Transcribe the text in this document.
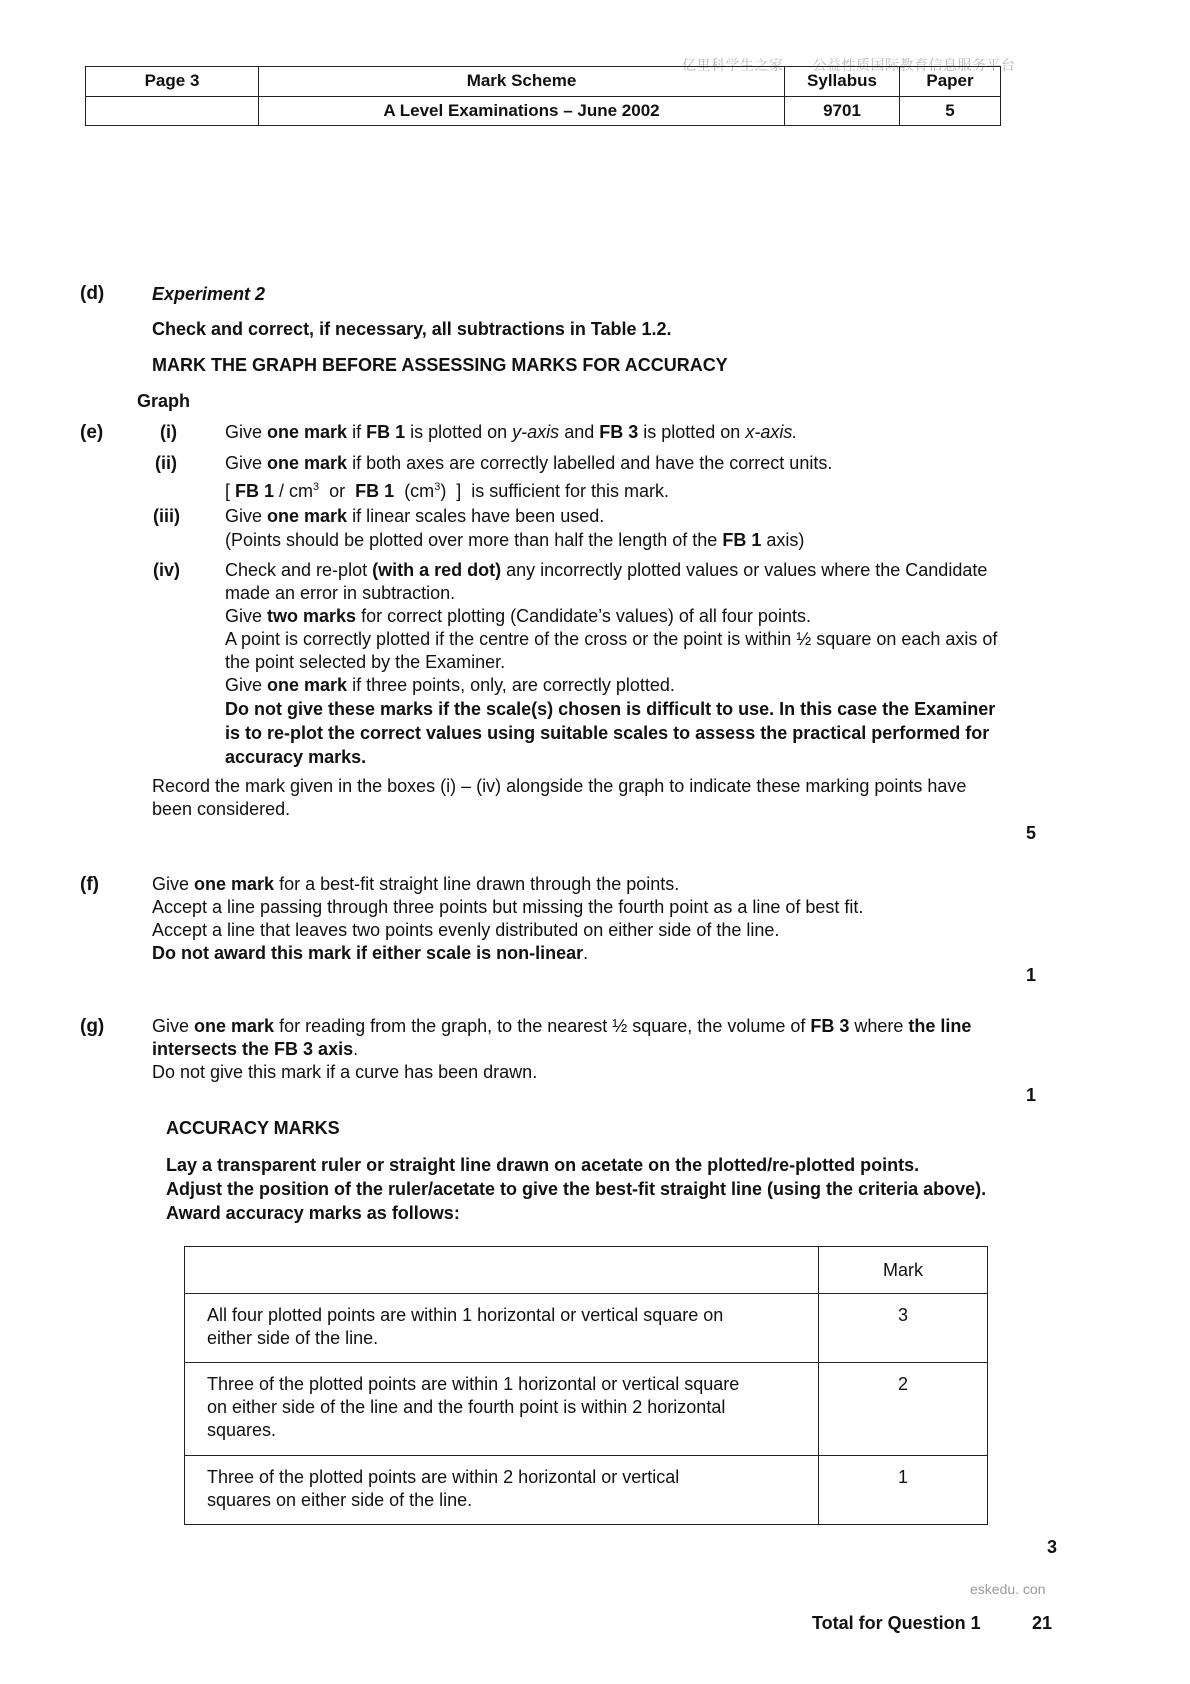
亿里科学生之家——公益性质国际教育信息服务平台
Page 3	Mark Scheme	Syllabus	Paper
	A Level Examinations – June 2002	9701	5
(d)	Experiment 2
Check and correct, if necessary, all subtractions in Table 1.2.
MARK THE GRAPH BEFORE ASSESSING MARKS FOR ACCURACY
Graph
(e)	(i)	Give one mark if FB 1 is plotted on y-axis and FB 3 is plotted on x-axis.
(ii)	Give one mark if both axes are correctly labelled and have the correct units.
[ FB $1 / cm^3$  or  FB 1  $(cm^3)$  ]  is sufficient for this mark.
(iii)	Give one mark if linear scales have been used.
(Points should be plotted over more than half the length of the FB 1 axis)
(iv)	Check and re-plot (with a red dot) any incorrectly plotted values or values where the Candidate
made an error in subtraction.
Give two marks for correct plotting (Candidate’s values) of all four points.
A point is correctly plotted if the centre of the cross or the point is within ½ square on each axis of
the point selected by the Examiner.
Give one mark if three points, only, are correctly plotted.
Do not give these marks if the scale(s) chosen is difficult to use. In this case the Examiner
is to re-plot the correct values using suitable scales to assess the practical performed for
accuracy marks.
Record the mark given in the boxes (i) – (iv) alongside the graph to indicate these marking points have
been considered.
5
(f)	Give one mark for a best-fit straight line drawn through the points.
Accept a line passing through three points but missing the fourth point as a line of best fit.
Accept a line that leaves two points evenly distributed on either side of the line.
Do not award this mark if either scale is non-linear.
1
(g)	Give one mark for reading from the graph, to the nearest ½ square, the volume of FB 3 where the line
intersects the FB 3 axis.
Do not give this mark if a curve has been drawn.
1
ACCURACY MARKS
Lay a transparent ruler or straight line drawn on acetate on the plotted/re-plotted points.
Adjust the position of the ruler/acetate to give the best-fit straight line (using the criteria above).
Award accuracy marks as follows:
	Mark

All four plotted points are within 1 horizontal or vertical square on
either side of the line.	3

Three of the plotted points are within 1 horizontal or vertical square
on either side of the line and the fourth point is within 2 horizontal
squares.	2

Three of the plotted points are within 2 horizontal or vertical
squares on either side of the line.	1
3
eskedu. con
Total for Question 1	21
